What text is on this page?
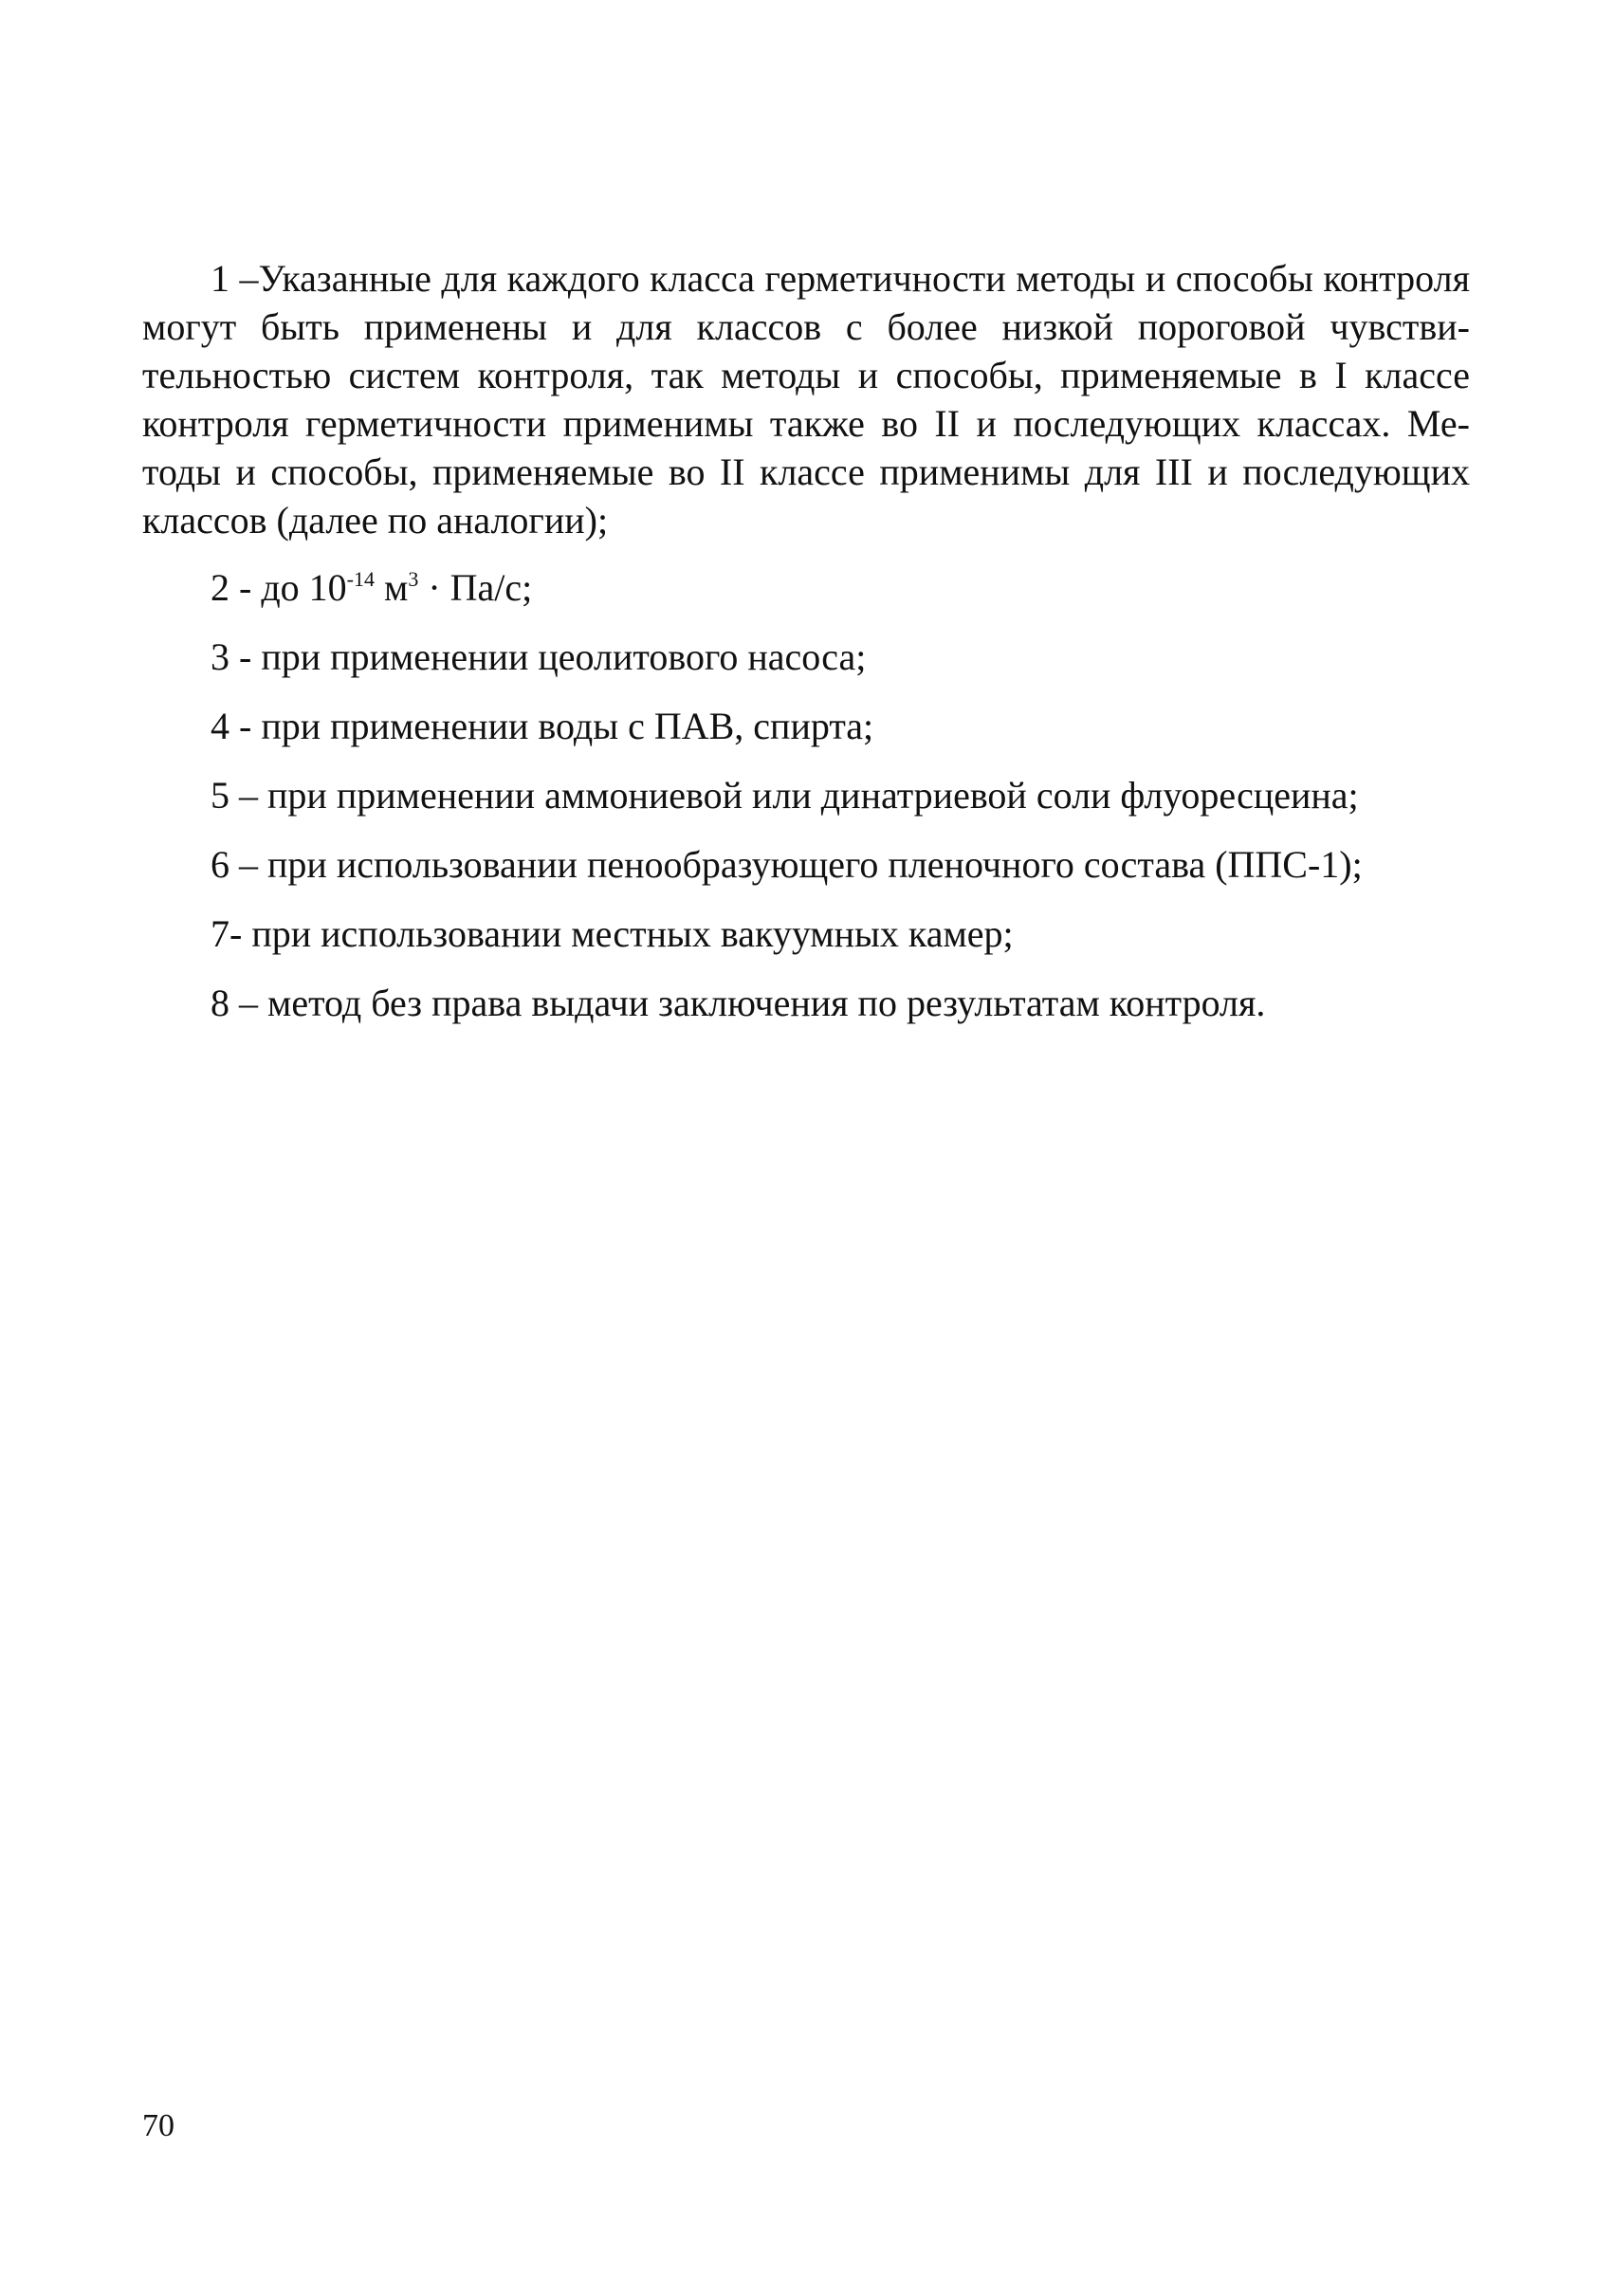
1 –Указанные для каждого класса герметичности методы и способы контроля могут быть применены и для классов с более низкой пороговой чувствительностью систем контроля, так методы и способы, применяемые в I классе контроля герметичности применимы также во II и последующих классах. Методы и способы, применяемые во II классе применимы для III и последующих классов (далее по аналогии);

2 - до $10^{-14}$ $м^3 \cdot Па/с$;

3 - при применении цеолитового насоса;

4 - при применении воды с ПАВ, спирта;

5 – при применении аммониевой или динатриевой соли флуоресцеина;

6 – при использовании пенообразующего пленочного состава (ППС-1);

7- при использовании местных вакуумных камер;

8 – метод без права выдачи заключения по результатам контроля.

70
